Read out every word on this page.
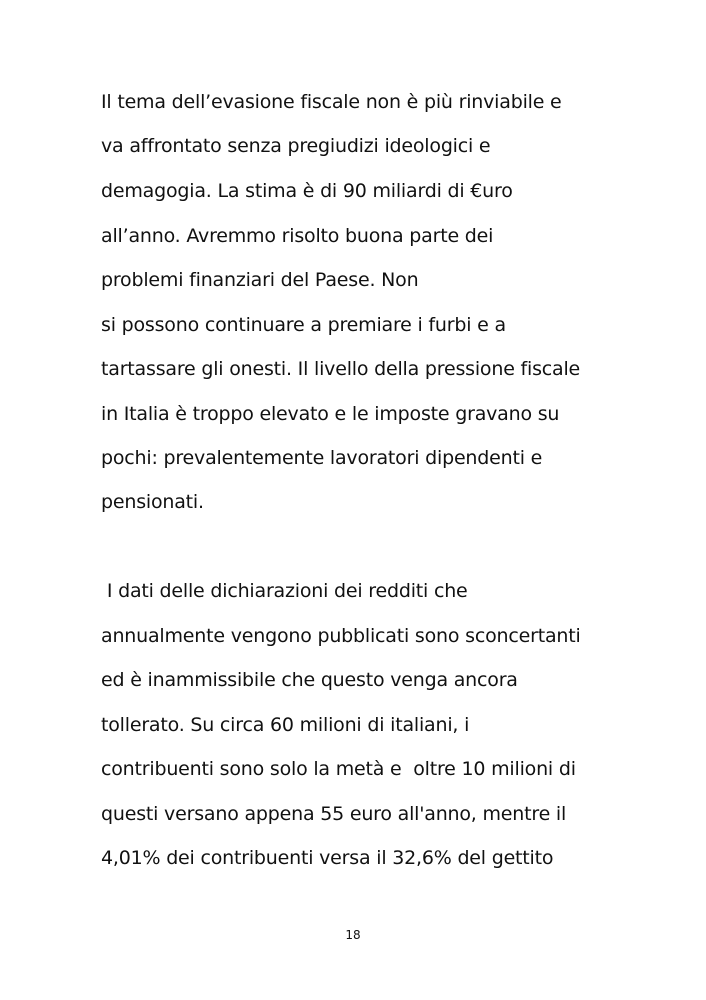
Il tema dell’evasione fiscale non è più rinviabile e
va affrontato senza pregiudizi ideologici e
demagogia. La stima è di 90 miliardi di €uro
all’anno. Avremmo risolto buona parte dei
problemi finanziari del Paese. Non
si possono continuare a premiare i furbi e a
tartassare gli onesti. Il livello della pressione fiscale
in Italia è troppo elevato e le imposte gravano su
pochi: prevalentemente lavoratori dipendenti e
pensionati.
I dati delle dichiarazioni dei redditi che
annualmente vengono pubblicati sono sconcertanti
ed è inammissibile che questo venga ancora
tollerato. Su circa 60 milioni di italiani, i
contribuenti sono solo la metà e  oltre 10 milioni di
questi versano appena 55 euro all'anno, mentre il
4,01% dei contribuenti versa il 32,6% del gettito
18
